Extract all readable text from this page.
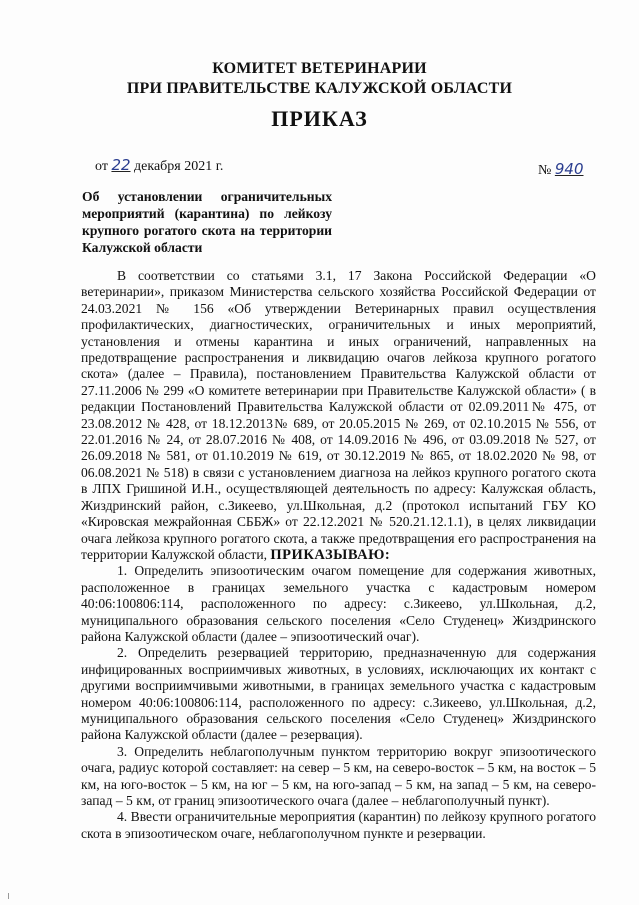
КОМИТЕТ ВЕТЕРИНАРИИ
ПРИ ПРАВИТЕЛЬСТВЕ КАЛУЖСКОЙ ОБЛАСТИ
ПРИКАЗ
от 22 декабря 2021 г.	№ 940
Об установлении ограничительных мероприятий (карантина) по лейкозу крупного рогатого скота на территории Калужской области

В соответствии со статьями 3.1, 17 Закона Российской Федерации «О ветеринарии», приказом Министерства сельского хозяйства Российской Федерации от 24.03.2021 № 156 «Об утверждении Ветеринарных правил осуществления профилактических, диагностических, ограничительных и иных мероприятий, установления и отмены карантина и иных ограничений, направленных на предотвращение распространения и ликвидацию очагов лейкоза крупного рогатого скота» (далее – Правила), постановлением Правительства Калужской области от 27.11.2006 № 299 «О комитете ветеринарии при Правительстве Калужской области» ( в редакции Постановлений Правительства Калужской области от 02.09.2011№ 475, от 23.08.2012 № 428, от 18.12.2013№ 689, от 20.05.2015 № 269, от 02.10.2015 № 556, от 22.01.2016 № 24, от 28.07.2016 № 408, от 14.09.2016 № 496, от 03.09.2018 № 527, от 26.09.2018 № 581, от 01.10.2019 № 619, от 30.12.2019 № 865, от 18.02.2020 № 98, от 06.08.2021 № 518) в связи с установлением диагноза на лейкоз крупного рогатого скота в ЛПХ Гришиной И.Н., осуществляющей деятельность по адресу: Калужская область, Жиздринский район, с.Зикеево, ул.Школьная, д.2 (протокол испытаний ГБУ КО «Кировская межрайонная СББЖ» от 22.12.2021 № 520.21.12.1.1), в целях ликвидации очага лейкоза крупного рогатого скота, а также предотвращения его распространения на территории Калужской области, ПРИКАЗЫВАЮ:

1. Определить эпизоотическим очагом помещение для содержания животных, расположенное в границах земельного участка с кадастровым номером 40:06:100806:114, расположенного по адресу: с.Зикеево, ул.Школьная, д.2, муниципального образования сельского поселения «Село Студенец» Жиздринского района Калужской области (далее – эпизоотический очаг).

2. Определить резервацией территорию, предназначенную для содержания инфицированных восприимчивых животных, в условиях, исключающих их контакт с другими восприимчивыми животными, в границах земельного участка с кадастровым номером 40:06:100806:114, расположенного по адресу: с.Зикеево, ул.Школьная, д.2, муниципального образования сельского поселения «Село Студенец» Жиздринского района Калужской области (далее – резервация).

3. Определить неблагополучным пунктом территорию вокруг эпизоотического очага, радиус которой составляет: на север – 5 км, на северо-восток – 5 км, на восток – 5 км, на юго-восток – 5 км, на юг – 5 км, на юго-запад – 5 км, на запад – 5 км, на северо-запад – 5 км, от границ эпизоотического очага (далее – неблагополучный пункт).

4. Ввести ограничительные мероприятия (карантин) по лейкозу крупного рогатого скота в эпизоотическом очаге, неблагополучном пункте и резервации.
